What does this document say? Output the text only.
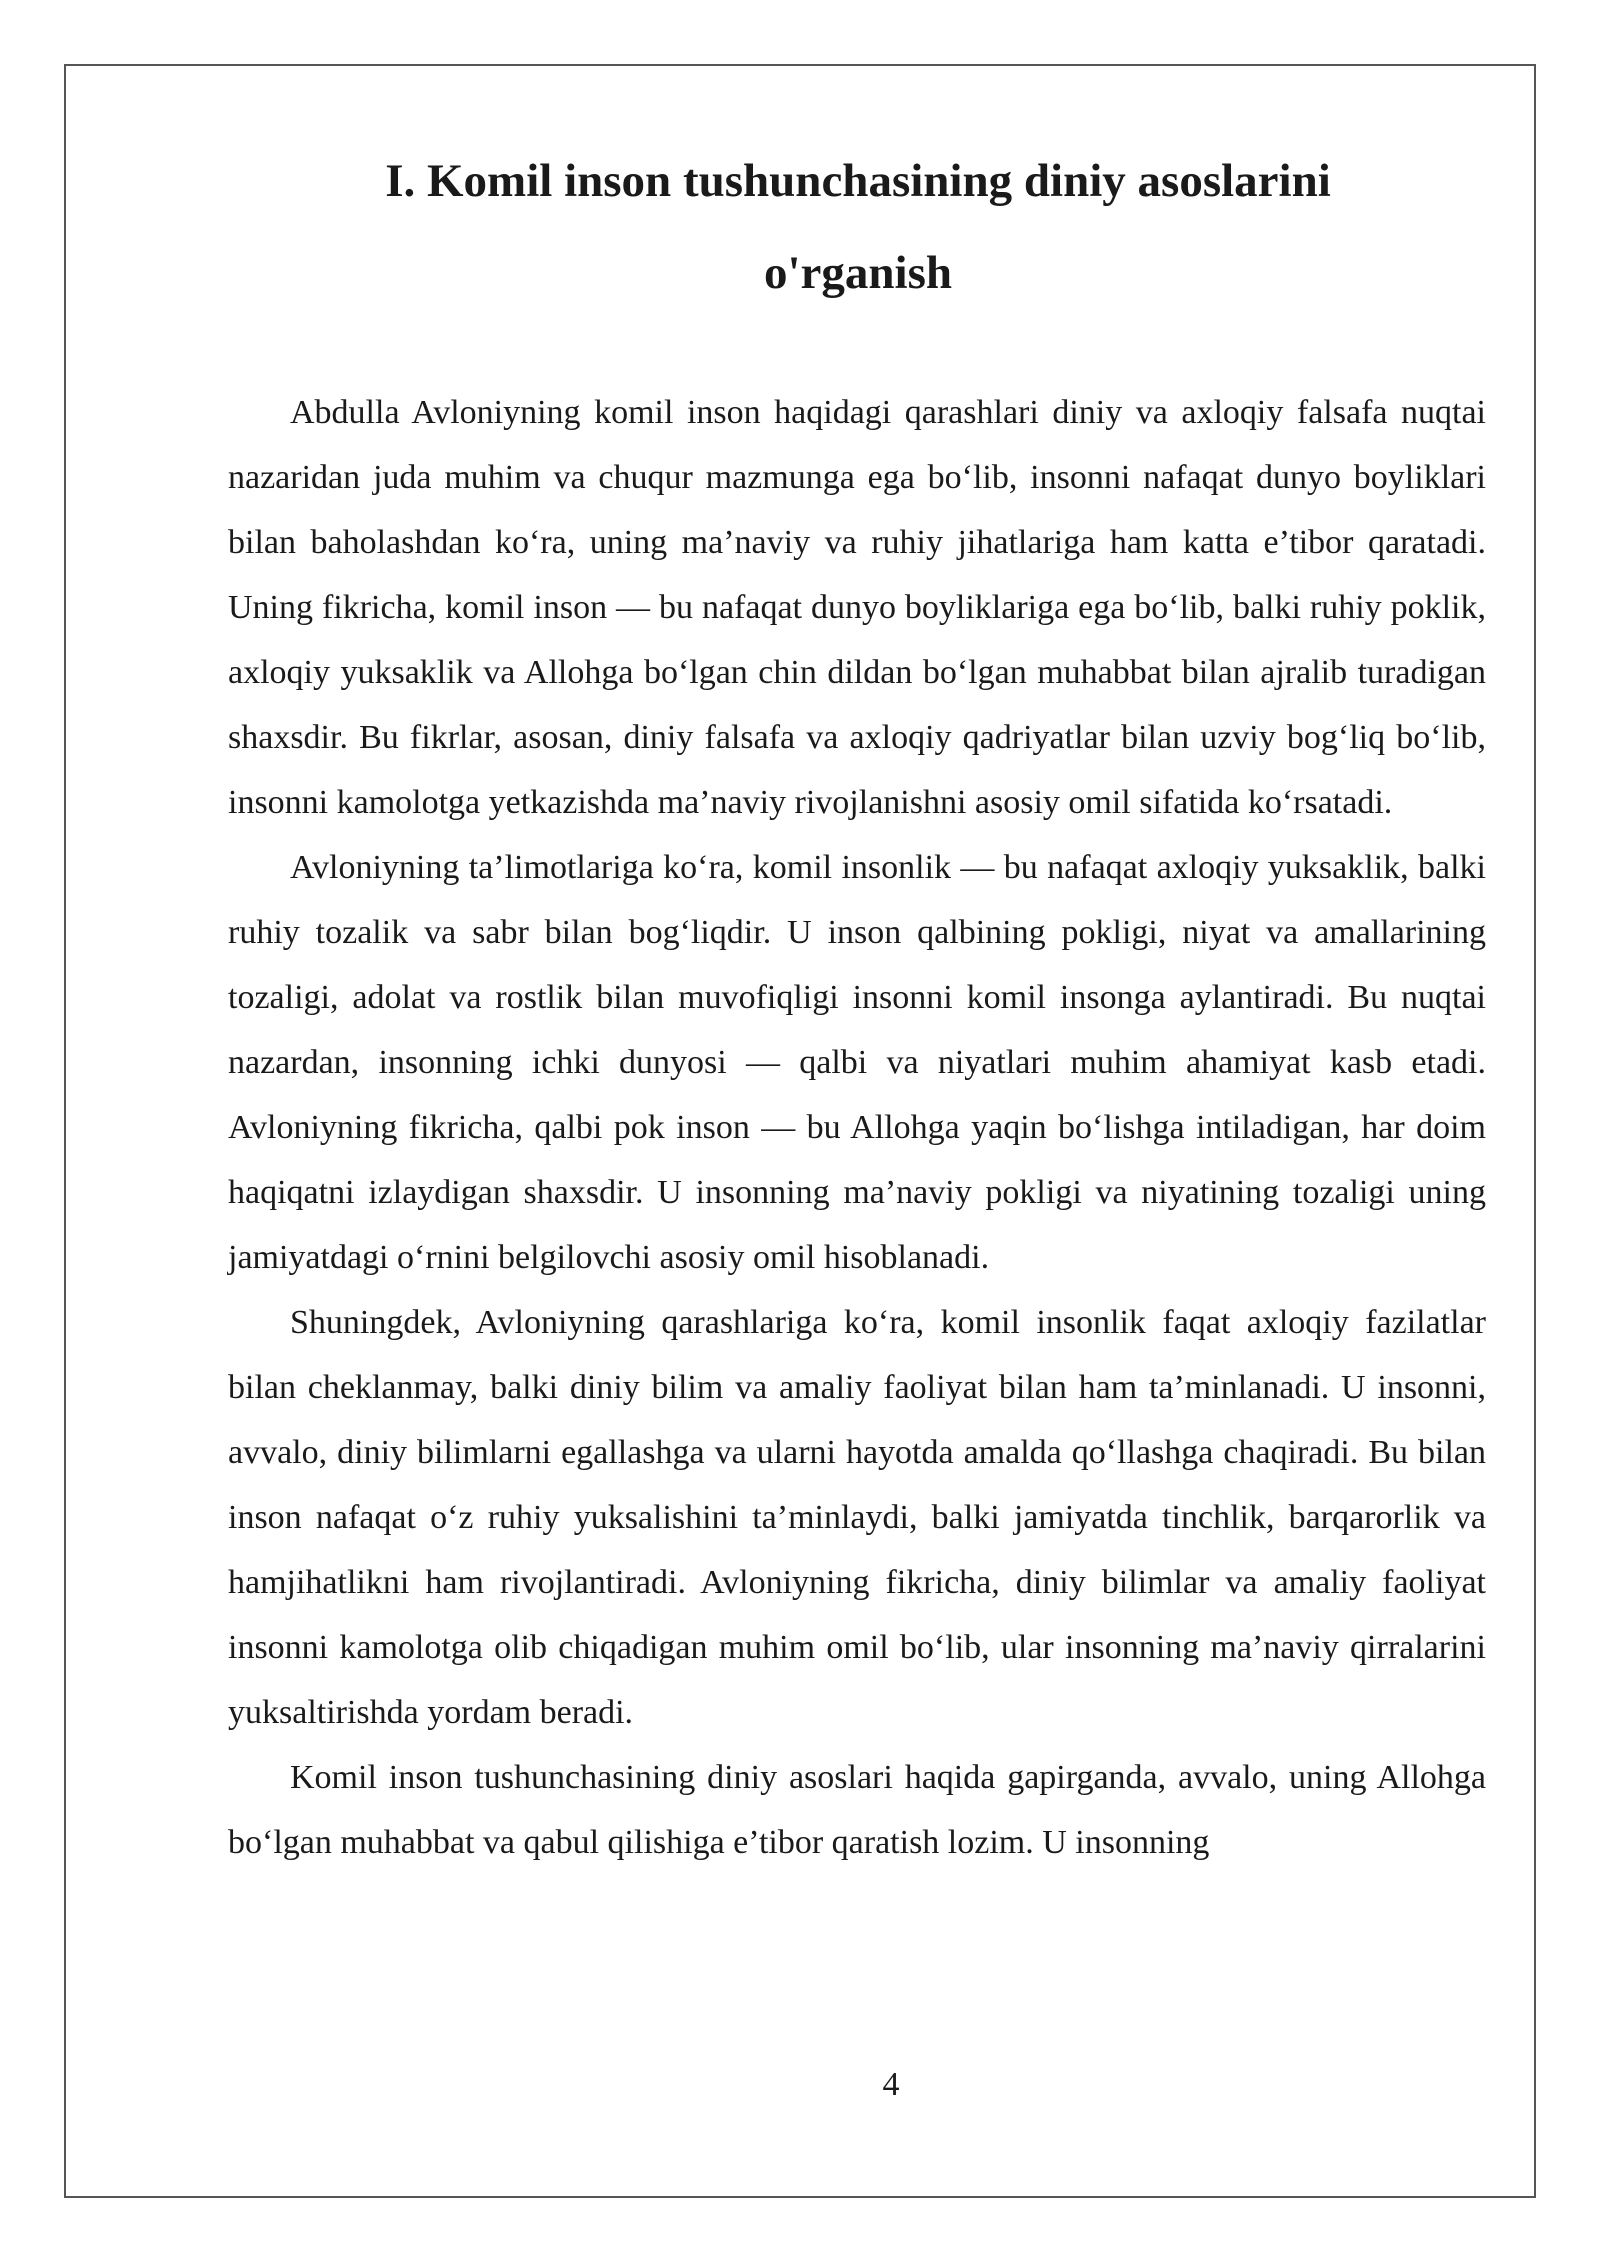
I. Komil inson tushunchasining diniy asoslarini
o'rganish

Abdulla Avloniyning komil inson haqidagi qarashlari diniy va axloqiy falsafa nuqtai nazaridan juda muhim va chuqur mazmunga ega bo‘lib, insonni nafaqat dunyo boyliklari bilan baholashdan ko‘ra, uning ma’naviy va ruhiy jihatlariga ham katta e’tibor qaratadi. Uning fikricha, komil inson — bu nafaqat dunyo boyliklariga ega bo‘lib, balki ruhiy poklik, axloqiy yuksaklik va Allohga bo‘lgan chin dildan bo‘lgan muhabbat bilan ajralib turadigan shaxsdir. Bu fikrlar, asosan, diniy falsafa va axloqiy qadriyatlar bilan uzviy bog‘liq bo‘lib, insonni kamolotga yetkazishda ma’naviy rivojlanishni asosiy omil sifatida ko‘rsatadi.

Avloniyning ta’limotlariga ko‘ra, komil insonlik — bu nafaqat axloqiy yuksaklik, balki ruhiy tozalik va sabr bilan bog‘liqdir. U inson qalbining pokligi, niyat va amallarining tozaligi, adolat va rostlik bilan muvofiqligi insonni komil insonga aylantiradi. Bu nuqtai nazardan, insonning ichki dunyosi — qalbi va niyatlari muhim ahamiyat kasb etadi. Avloniyning fikricha, qalbi pok inson — bu Allohga yaqin bo‘lishga intiladigan, har doim haqiqatni izlaydigan shaxsdir. U insonning ma’naviy pokligi va niyatining tozaligi uning jamiyatdagi o‘rnini belgilovchi asosiy omil hisoblanadi.

Shuningdek, Avloniyning qarashlariga ko‘ra, komil insonlik faqat axloqiy fazilatlar bilan cheklanmay, balki diniy bilim va amaliy faoliyat bilan ham ta’minlanadi. U insonni, avvalo, diniy bilimlarni egallashga va ularni hayotda amalda qo‘llashga chaqiradi. Bu bilan inson nafaqat o‘z ruhiy yuksalishini ta’minlaydi, balki jamiyatda tinchlik, barqarorlik va hamjihatlikni ham rivojlantiradi. Avloniyning fikricha, diniy bilimlar va amaliy faoliyat insonni kamolotga olib chiqadigan muhim omil bo‘lib, ular insonning ma’naviy qirralarini yuksaltirishda yordam beradi.

Komil inson tushunchasining diniy asoslari haqida gapirganda, avvalo, uning Allohga bo‘lgan muhabbat va qabul qilishiga e’tibor qaratish lozim. U insonning

4
